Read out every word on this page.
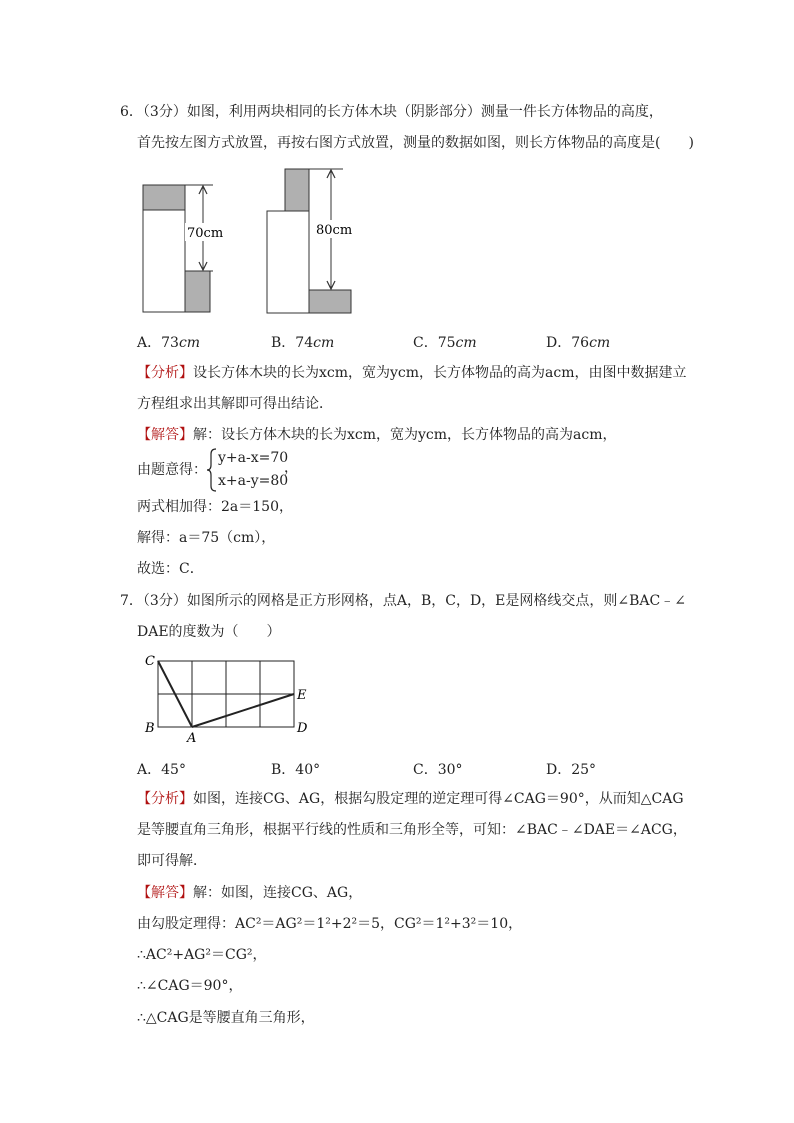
6．（3分）如图，利用两块相同的长方体木块（阴影部分）测量一件长方体物品的高度，
首先按左图方式放置，再按右图方式放置，测量的数据如图，则长方体物品的高度是(　　)
70cm	80cm
A．73cm	B．74cm	C．75cm	D．76cm
【分析】设长方体木块的长为xcm，宽为ycm，长方体物品的高为acm，由图中数据建立
方程组求出其解即可得出结论．
【解答】解：设长方体木块的长为xcm，宽为ycm，长方体物品的高为acm，
由题意得：
y+a-x=70
，
x+a-y=80
两式相加得：2a＝150，
解得：a＝75（cm），
故选：C．
7．（3分）如图所示的网格是正方形网格，点A，B，C，D，E是网格线交点，则∠BAC﹣∠
DAE的度数为（　　）
C
B
A
E
D
A．45°	B．40°	C．30°	D．25°
【分析】如图，连接CG、AG，根据勾股定理的逆定理可得∠CAG＝90°，从而知△CAG
是等腰直角三角形，根据平行线的性质和三角形全等，可知：∠BAC﹣∠DAE＝∠ACG，
即可得解．
【解答】解：如图，连接CG、AG，
由勾股定理得：AC²＝AG²＝1²+2²＝5，CG²＝1²+3²＝10，
∴AC²+AG²＝CG²，
∴∠CAG＝90°，
∴△CAG是等腰直角三角形，
